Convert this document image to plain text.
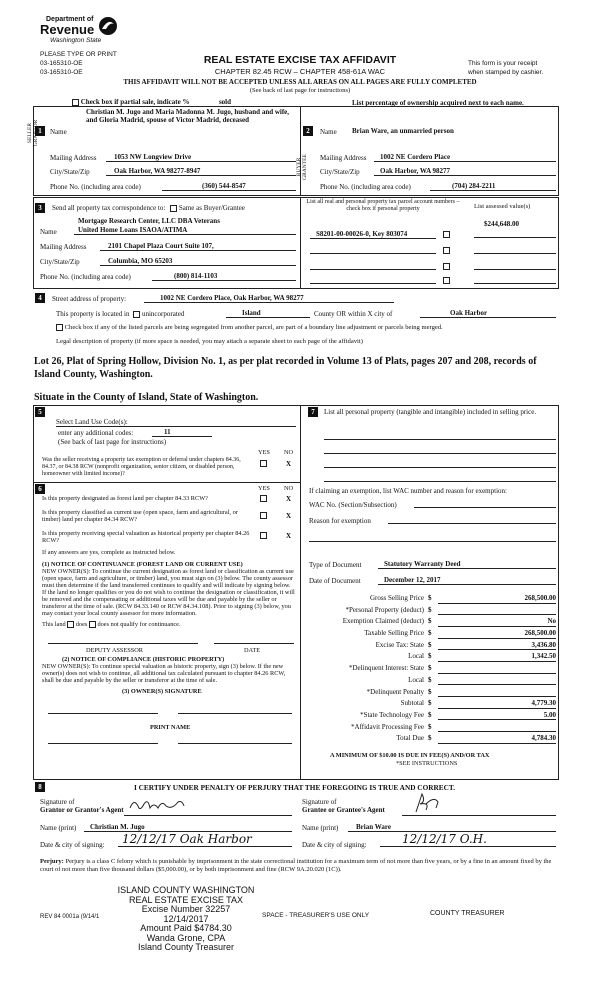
Department of
Revenue
Washington State
PLEASE TYPE OR PRINT
03-165310-OE
03-165310-OE
REAL ESTATE EXCISE TAX AFFIDAVIT
CHAPTER 82.45 RCW – CHAPTER 458-61A WAC
This form is your receipt
when stamped by cashier.
THIS AFFIDAVIT WILL NOT BE ACCEPTED UNLESS ALL AREAS ON ALL PAGES ARE FULLY COMPLETED
(See back of last page for instructions)
Check box if partial sale, indicate %	sold	List percentage of ownership acquired next to each name.
1
SELLER GRANTOR Name
Christian M. Jugo and Maria Madonna M. Jugo, husband and wife, and Gloria Madrid, spouse of Victor Madrid, deceased
Mailing Address	1053 NW Longview Drive
City/State/Zip	Oak Harbor, WA 98277-8947
Phone No. (including area code)	(360) 544-8547
2
BUYER GRANTEE
Name Brian Ware, an unmarried person
Mailing Address	1002 NE Cordero Place
City/State/Zip	Oak Harbor, WA 98277
Phone No. (including area code)	(704) 284-2211
3	Send all property tax correspondence to: Same as Buyer/Grantee
Name
Mortgage Research Center, LLC DBA Veterans
United Home Loans ISAOA/ATIMA
Mailing Address	2101 Chapel Plaza Court Suite 107,
City/State/Zip	Columbia, MO 65203
Phone No. (including area code)	(800) 814-1103
List all real and personal property tax parcel account numbers – check box if personal property	List assessed value(s)
$244,648.00
S8201-00-00026-0, Key 803074
4	Street address of property:	1002 NE Cordero Place, Oak Harbor, WA 98277
This property is located in unincorporated	Island	County OR within X city of	Oak Harbor
Check box if any of the listed parcels are being segregated from another parcel, are part of a boundary line adjustment or parcels being merged.
Legal description of property (if more space is needed, you may attach a separate sheet to each page of the affidavit)
Lot 26, Plat of Spring Hollow, Division No. 1, as per plat recorded in Volume 13 of Plats, pages 207 and 208, records of Island County, Washington.
Situate in the County of Island, State of Washington.
5
Select Land Use Code(s):
enter any additional codes:	11
(See back of last page for instructions)
YES NO
Was the seller receiving a property tax exemption or deferral under chapters 84.36, 84.37, or 84.38 RCW (nonprofit organization, senior citizen, or disabled person, homeowner with limited income)?
X
6	YES NO
Is this property designated as forest land per chapter 84.33 RCW?	X
Is this property classified as current use (open space, farm and agricultural, or timber) land per chapter 84.34 RCW?	X
Is this property receiving special valuation as historical property per chapter 84.26 RCW?
X
If any answers are yes, complete as instructed below.
(1) NOTICE OF CONTINUANCE (FOREST LAND OR CURRENT USE)
NEW OWNER(S): To continue the current designation as forest land or classification as current use (open space, farm and agriculture, or timber) land, you must sign on (3) below. The county assessor must then determine if the land transferred continues to qualify and will indicate by signing below. If the land no longer qualifies or you do not wish to continue the designation or classification, it will be removed and the compensating or additional taxes will be due and payable by the seller or transferor at the time of sale. (RCW 84.33.140 or RCW 84.34.108). Prior to signing (3) below, you may contact your local county assessor for more information.
This land does does not qualify for continuance.
DEPUTY ASSESSOR	DATE
(2) NOTICE OF COMPLIANCE (HISTORIC PROPERTY)
NEW OWNER(S): To continue special valuation as historic property, sign (3) below. If the new owner(s) does not wish to continue, all additional tax calculated pursuant to chapter 84.26 RCW, shall be due and payable by the seller or transferor at the time of sale.
(3) OWNER(S) SIGNATURE
PRINT NAME
7	List all personal property (tangible and intangible) included in selling price.
If claiming an exemption, list WAC number and reason for exemption:
WAC No. (Section/Subsection)
Reason for exemption
Type of Document	Statutory Warranty Deed
Date of Document	December 12, 2017
Gross Selling Price $	268,500.00
*Personal Property (deduct) $
Exemption Claimed (deduct) $	No
Taxable Selling Price $	268,500.00
Excise Tax: State $	3,436.80
Local $	1,342.50
*Delinquent Interest: State $
Local $
*Delinquent Penalty $
Subtotal $	4,779.30
*State Technology Fee $	5.00
*Affidavit Processing Fee $
Total Due $	4,784.30
A MINIMUM OF $10.00 IS DUE IN FEE(S) AND/OR TAX
*SEE INSTRUCTIONS
8	I CERTIFY UNDER PENALTY OF PERJURY THAT THE FOREGOING IS TRUE AND CORRECT.
Signature of
Grantor or Grantor's Agent
Signature of
Grantee or Grantee's Agent
Name (print)	Christian M. Jugo	Name (print)	Brian Ware
Date & city of signing:	12/12/17 Oak Harbor	Date & city of signing:	12/12/17 O.H.
Perjury: Perjury is a class C felony which is punishable by imprisonment in the state correctional institution for a maximum term of not more than five years, or by a fine in an amount fixed by the court of not more than five thousand dollars ($5,000.00), or by both imprisonment and fine (RCW 9A.20.020 (1C)).
REV 84 0001a (9/14/1
ISLAND COUNTY WASHINGTON
REAL ESTATE EXCISE TAX
Excise Number 32257
12/14/2017
Amount Paid $4784.30
Wanda Grone, CPA
Island County Treasurer
SPACE - TREASURER'S USE ONLY	COUNTY TREASURER
